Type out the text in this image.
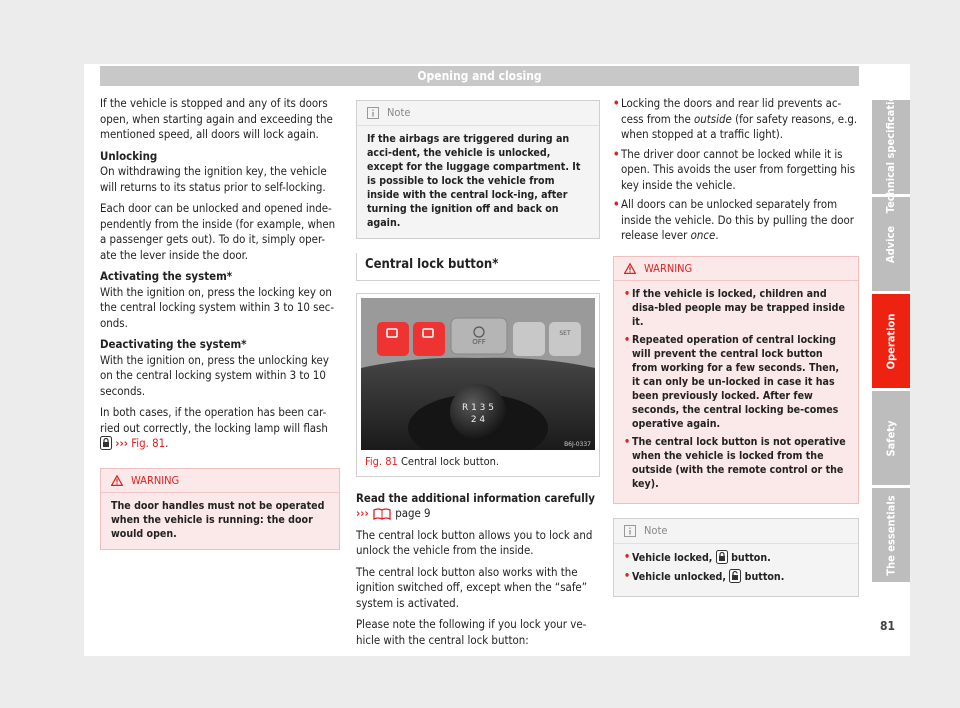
Opening and closing

If the vehicle is stopped and any of its doors open, when starting again and exceeding the mentioned speed, all doors will lock again.

Unlocking

On withdrawing the ignition key, the vehicle will returns to its status prior to self-locking.

Each door can be unlocked and opened inde-pendently from the inside (for example, when a passenger gets out). To do it, simply oper-ate the lever inside the door.

Activating the system*

With the ignition on, press the locking key on the central locking system within 3 to 10 sec-onds.

Deactivating the system*

With the ignition on, press the unlocking key on the central locking system within 3 to 10 seconds.

In both cases, if the operation has been car-ried out correctly, the locking lamp will flash  ››› Fig. 81.

WARNING
The door handles must not be operated when the vehicle is running: the door would open.
Note
If the airbags are triggered during an acci-dent, the vehicle is unlocked, except for the luggage compartment. It is possible to lock the vehicle from inside with the central lock-ing, after turning the ignition off and back on again.
Central lock button*
OFF
SET
R 1 3 5
2 4
B6J-0337
Fig. 81 Central lock button.

Read the additional information carefully

››› page 9

The central lock button allows you to lock and unlock the vehicle from the inside.

The central lock button also works with the ignition switched off, except when the “safe” system is activated.

Please note the following if you lock your ve-hicle with the central lock button:

• Locking the doors and rear lid prevents ac-cess from the outside (for safety reasons, e.g. when stopped at a traffic light).
• The driver door cannot be locked while it is open. This avoids the user from forgetting his key inside the vehicle.
• All doors can be unlocked separately from inside the vehicle. Do this by pulling the door release lever once.
WARNING
• If the vehicle is locked, children and disa-bled people may be trapped inside it.
• Repeated operation of central locking will prevent the central lock button from working for a few seconds. Then, it can only be un-locked in case it has been previously locked. After few seconds, the central locking be-comes operative again.
• The central lock button is not operative when the vehicle is locked from the outside (with the remote control or the key).
Note
• Vehicle locked,  button.
• Vehicle unlocked,  button.
Technical specifications
Advice
Operation
Safety
The essentials
81
